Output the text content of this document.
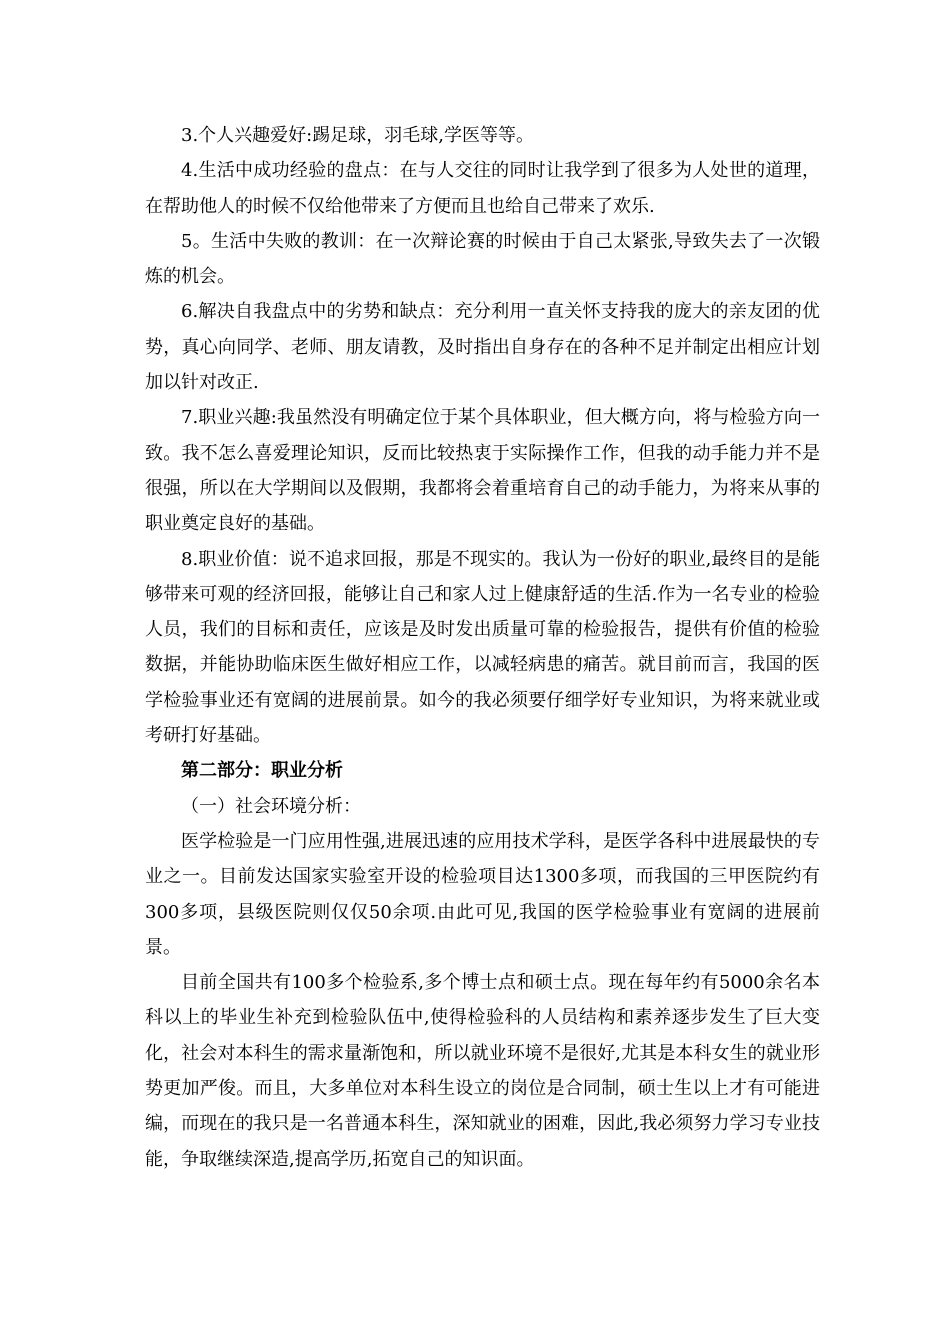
3.个人兴趣爱好:踢足球，羽毛球,学医等等。

4.生活中成功经验的盘点：在与人交往的同时让我学到了很多为人处世的道理，在帮助他人的时候不仅给他带来了方便而且也给自己带来了欢乐.

5。生活中失败的教训：在一次辩论赛的时候由于自己太紧张,导致失去了一次锻炼的机会。

6.解决自我盘点中的劣势和缺点：充分利用一直关怀支持我的庞大的亲友团的优势，真心向同学、老师、朋友请教，及时指出自身存在的各种不足并制定出相应计划加以针对改正.

7.职业兴趣:我虽然没有明确定位于某个具体职业，但大概方向，将与检验方向一致。我不怎么喜爱理论知识，反而比较热衷于实际操作工作，但我的动手能力并不是很强，所以在大学期间以及假期，我都将会着重培育自己的动手能力，为将来从事的职业奠定良好的基础。

8.职业价值：说不追求回报，那是不现实的。我认为一份好的职业,最终目的是能够带来可观的经济回报，能够让自己和家人过上健康舒适的生活.作为一名专业的检验人员，我们的目标和责任，应该是及时发出质量可靠的检验报告，提供有价值的检验数据，并能协助临床医生做好相应工作，以减轻病患的痛苦。就目前而言，我国的医学检验事业还有宽阔的进展前景。如今的我必须要仔细学好专业知识，为将来就业或考研打好基础。

第二部分：职业分析

（一）社会环境分析：

医学检验是一门应用性强,进展迅速的应用技术学科，是医学各科中进展最快的专业之一。目前发达国家实验室开设的检验项目达1300多项，而我国的三甲医院约有300多项，县级医院则仅仅50余项.由此可见,我国的医学检验事业有宽阔的进展前景。

目前全国共有100多个检验系,多个博士点和硕士点。现在每年约有5000余名本科以上的毕业生补充到检验队伍中,使得检验科的人员结构和素养逐步发生了巨大变化，社会对本科生的需求量渐饱和，所以就业环境不是很好,尤其是本科女生的就业形势更加严俊。而且，大多单位对本科生设立的岗位是合同制，硕士生以上才有可能进编，而现在的我只是一名普通本科生，深知就业的困难，因此,我必须努力学习专业技能，争取继续深造,提高学历,拓宽自己的知识面。
